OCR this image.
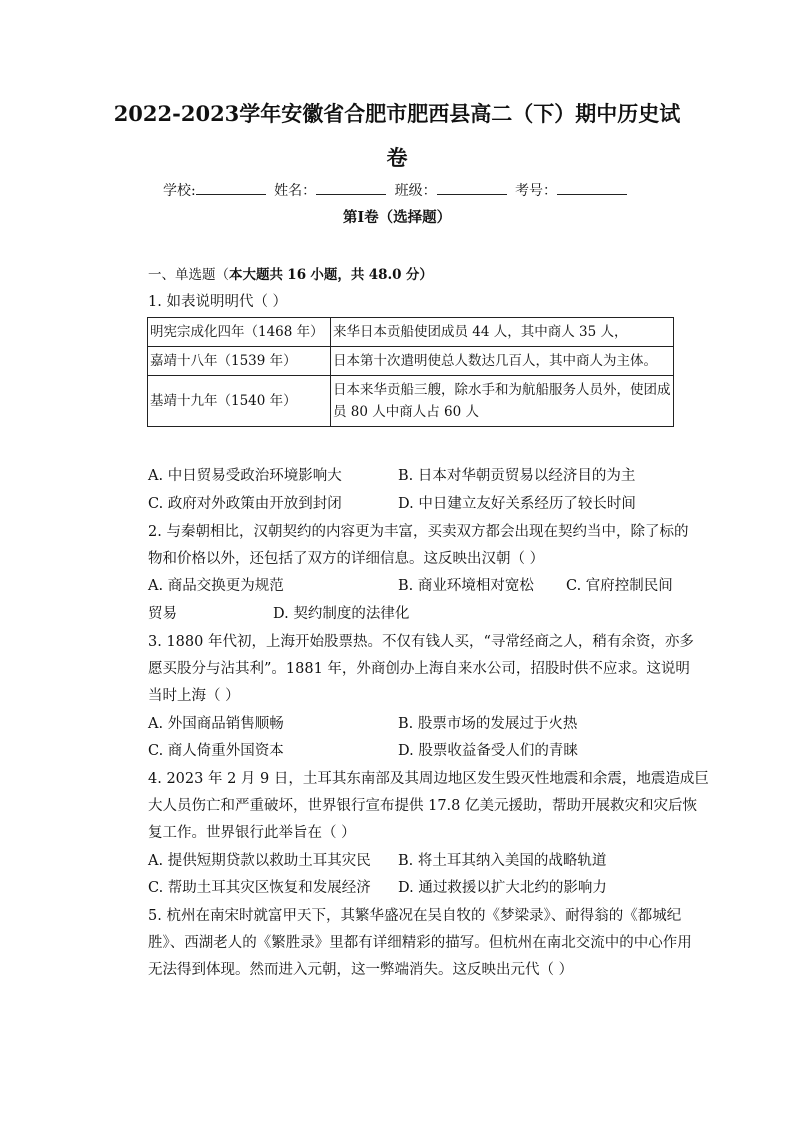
2022-2023学年安徽省合肥市肥西县高二（下）期中历史试
卷
学校:	姓名：	班级：	考号：
第I卷（选择题）
一、单选题（本大题共 16 小题，共 48.0 分）
1. 如表说明明代（ ）
明宪宗成化四年（1468 年）	来华日本贡船使团成员 44 人，其中商人 35 人，
嘉靖十八年（1539 年）	日本第十次遣明使总人数达几百人，其中商人为主体。
基靖十九年（1540 年）	日本来华贡船三艘，除水手和为航船服务人员外，使团成员 80 人中商人占 60 人
A. 中日贸易受政治环境影响大	B. 日本对华朝贡贸易以经济目的为主
C. 政府对外政策由开放到封闭	D. 中日建立友好关系经历了较长时间
2. 与秦朝相比，汉朝契约的内容更为丰富，买卖双方都会出现在契约当中，除了标的
物和价格以外，还包括了双方的详细信息。这反映出汉朝（ ）
A. 商品交换更为规范	B. 商业环境相对宽松 C. 官府控制民间
贸易	D. 契约制度的法律化
3. 1880 年代初，上海开始股票热。不仅有钱人买，“寻常经商之人，稍有余资，亦多
愿买股分与沾其利”。1881 年，外商创办上海自来水公司，招股时供不应求。这说明
当时上海（ ）
A. 外国商品销售顺畅	B. 股票市场的发展过于火热
C. 商人倚重外国资本	D. 股票收益备受人们的青睐
4. 2023 年 2 月 9 日，土耳其东南部及其周边地区发生毁灭性地震和余震，地震造成巨
大人员伤亡和严重破坏，世界银行宣布提供 17.8 亿美元援助，帮助开展救灾和灾后恢
复工作。世界银行此举旨在（ ）
A. 提供短期贷款以救助土耳其灾民 B. 将土耳其纳入美国的战略轨道
C. 帮助土耳其灾区恢复和发展经济 D. 通过救援以扩大北约的影响力
5. 杭州在南宋时就富甲天下，其繁华盛况在吴自牧的《梦梁录》、耐得翁的《都城纪
胜》、西湖老人的《繁胜录》里都有详细精彩的描写。但杭州在南北交流中的中心作用
无法得到体现。然而进入元朝，这一弊端消失。这反映出元代（ ）
